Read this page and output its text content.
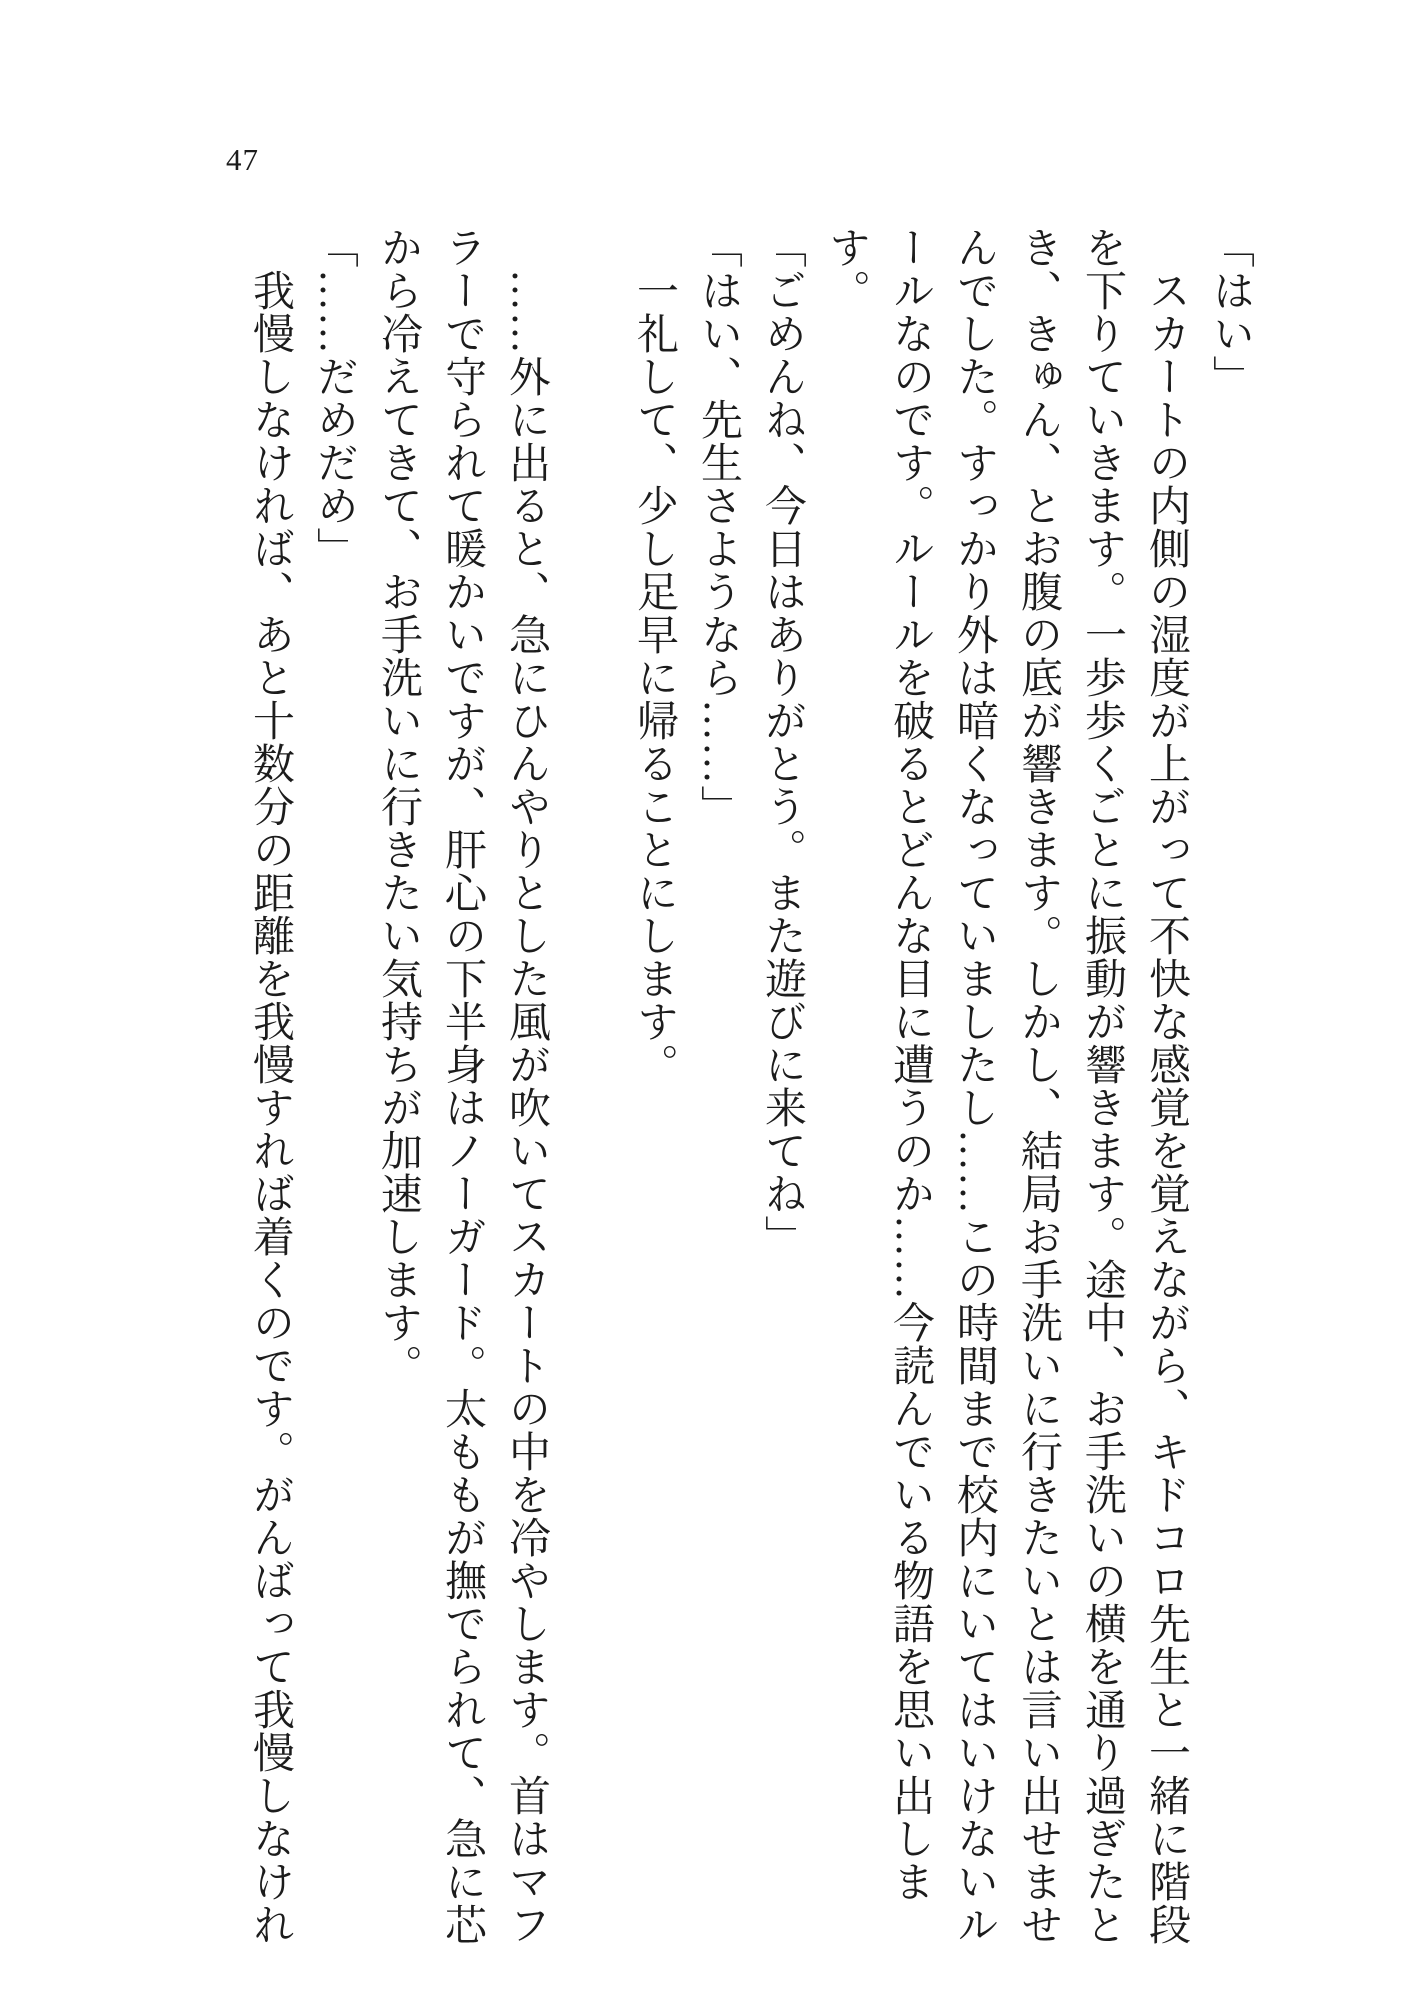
47

「はい」

スカートの内側の湿度が上がって不快な感覚を覚えながら、キドコロ先生と一緒に階段
を下りていきます。一歩歩くごとに振動が響きます。途中、お手洗いの横を通り過ぎたと
き、きゅん、とお腹の底が響きます。しかし、結局お手洗いに行きたいとは言い出せませ
んでした。すっかり外は暗くなっていましたし……この時間まで校内にいてはいけないル
ールなのです。ルールを破るとどんな目に遭うのか……今読んでいる物語を思い出します。

「ごめんね、今日はありがとう。また遊びに来てね」

「はい、先生さようなら……」

一礼して、少し足早に帰ることにします。

……外に出ると、急にひんやりとした風が吹いてスカートの中を冷やします。首はマフ
ラーで守られて暖かいですが、肝心の下半身はノーガード。太ももが撫でられて、急に芯
から冷えてきて、お手洗いに行きたい気持ちが加速します。

「……だめだめ」

我慢しなければ、あと十数分の距離を我慢すれば着くのです。がんばって我慢しなけれ
